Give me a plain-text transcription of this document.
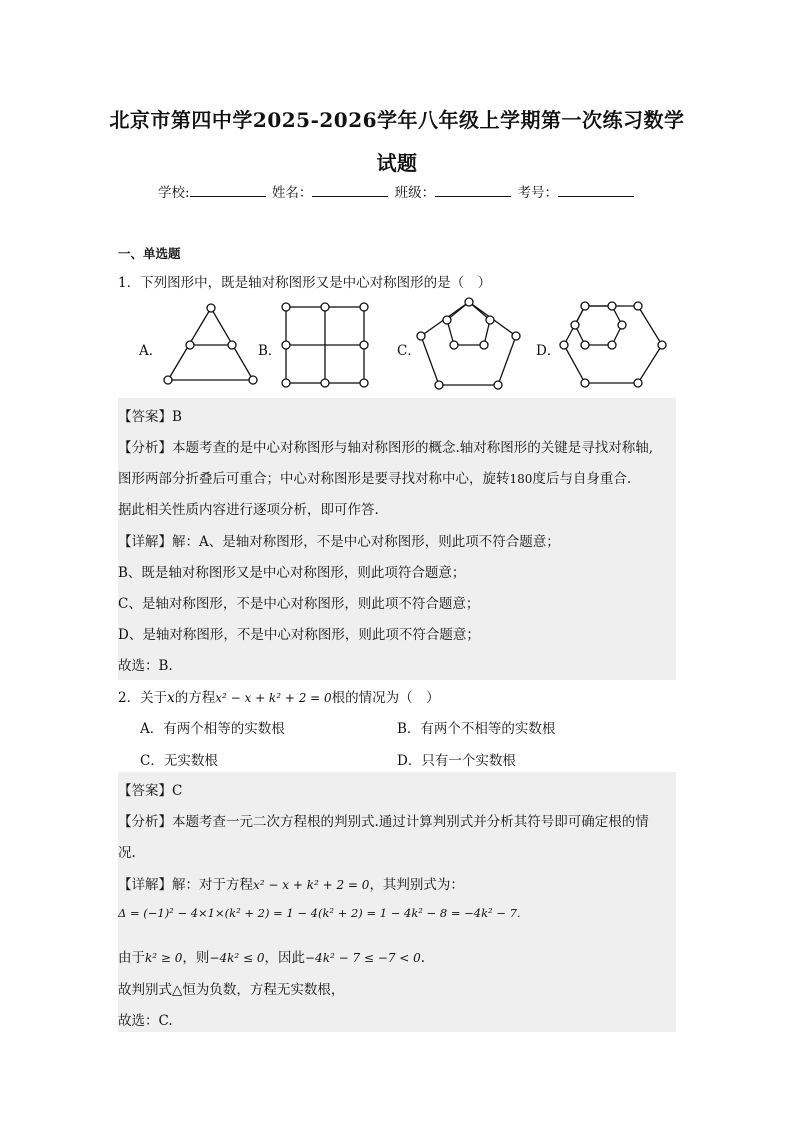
北京市第四中学2025-2026学年八年级上学期第一次练习数学
试题
学校:	姓名：	班级：	考号：
一、单选题
1．下列图形中，既是轴对称图形又是中心对称图形的是（　）
A．	B．	C．	D．
【答案】B
【分析】本题考查的是中心对称图形与轴对称图形的概念.轴对称图形的关键是寻找对称轴,
图形两部分折叠后可重合；中心对称图形是要寻找对称中心，旋转180度后与自身重合.
据此相关性质内容进行逐项分析，即可作答.
【详解】解：A、是轴对称图形，不是中心对称图形，则此项不符合题意；
B、既是轴对称图形又是中心对称图形，则此项符合题意；
C、是轴对称图形，不是中心对称图形，则此项不符合题意；
D、是轴对称图形，不是中心对称图形，则此项不符合题意；
故选：B.
2．关于x的方程x² − x + k² + 2 = 0根的情况为（　）
A．有两个相等的实数根	B．有两个不相等的实数根
C．无实数根	D．只有一个实数根
【答案】C
【分析】本题考查一元二次方程根的判别式.通过计算判别式并分析其符号即可确定根的情
况.
【详解】解：对于方程x² − x + k² + 2 = 0，其判别式为：
Δ = (−1)² − 4×1×(k² + 2) = 1 − 4(k² + 2) = 1 − 4k² − 8 = −4k² − 7.
由于k² ≥ 0，则−4k² ≤ 0，因此−4k² − 7 ≤ −7 < 0.
故判别式△恒为负数，方程无实数根，
故选：C.
